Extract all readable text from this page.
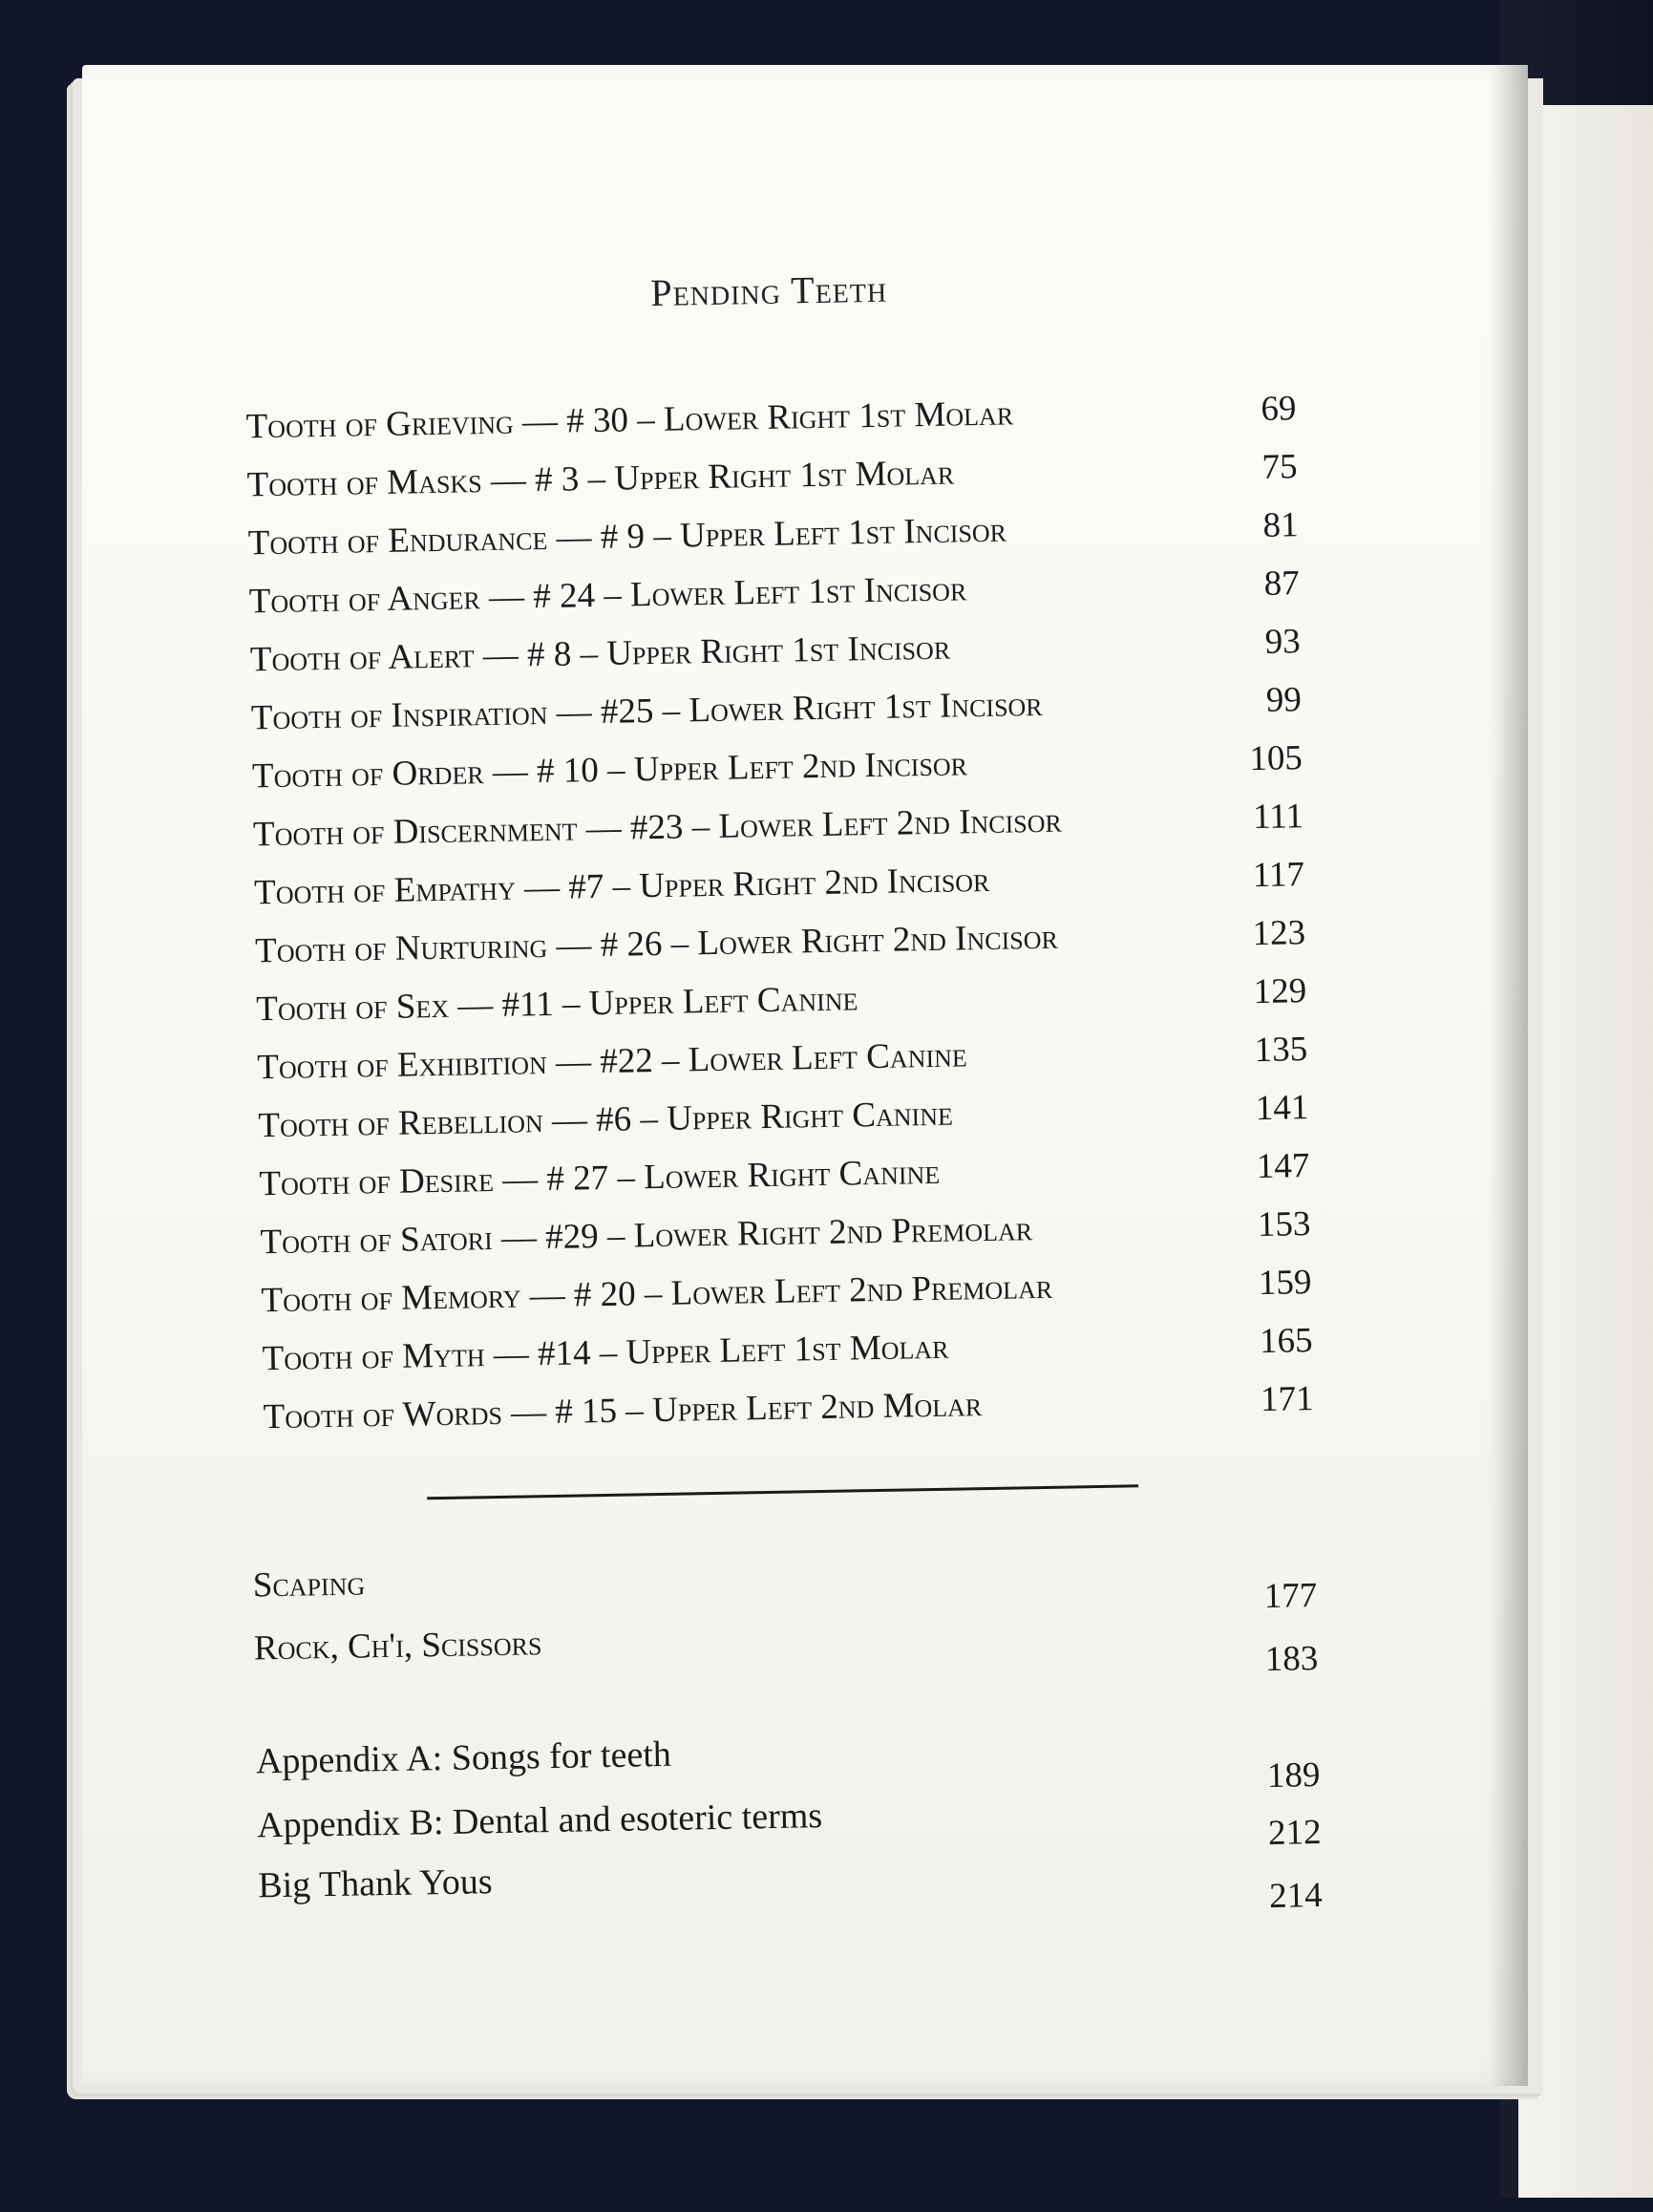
Pending Teeth
Tooth of Grieving — # 30 – Lower Right 1st Molar	69
Tooth of Masks — # 3 – Upper Right 1st Molar	75
Tooth of Endurance — # 9 – Upper Left 1st Incisor	81
Tooth of Anger — # 24 – Lower Left 1st Incisor	87
Tooth of Alert — # 8 – Upper Right 1st Incisor	93
Tooth of Inspiration — #25 – Lower Right 1st Incisor	99
Tooth of Order — # 10 – Upper Left 2nd Incisor	105
Tooth of Discernment — #23 – Lower Left 2nd Incisor	111
Tooth of Empathy — #7 – Upper Right 2nd Incisor	117
Tooth of Nurturing — # 26 – Lower Right 2nd Incisor	123
Tooth of Sex — #11 – Upper Left Canine	129
Tooth of Exhibition — #22 – Lower Left Canine	135
Tooth of Rebellion — #6 – Upper Right Canine	141
Tooth of Desire — # 27 – Lower Right Canine	147
Tooth of Satori — #29 – Lower Right 2nd Premolar	153
Tooth of Memory — # 20 – Lower Left 2nd Premolar	159
Tooth of Myth — #14 – Upper Left 1st Molar	165
Tooth of Words — # 15 – Upper Left 2nd Molar	171
Scaping	177
Rock, Ch'i, Scissors	183
Appendix A: Songs for teeth	189
Appendix B: Dental and esoteric terms	212
Big Thank Yous	214
